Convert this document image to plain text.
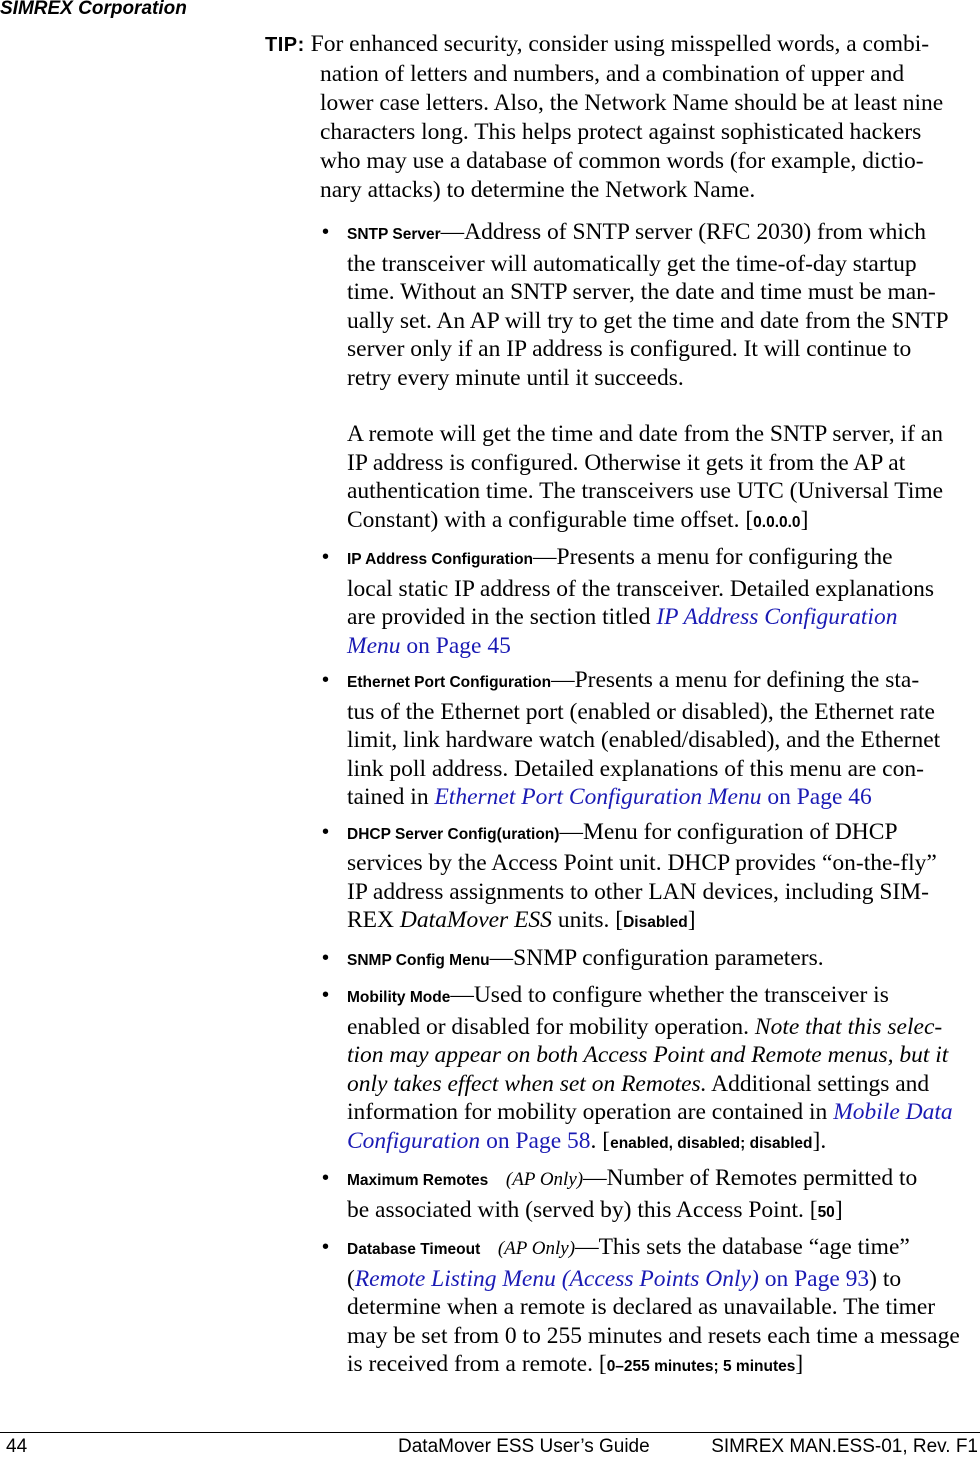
SIMREX Corporation
TIP: For enhanced security, consider using misspelled words, a combi-
nation of letters and numbers, and a combination of upper and
lower case letters. Also, the Network Name should be at least nine
characters long. This helps protect against sophisticated hackers
who may use a database of common words (for example, dictio-
nary attacks) to determine the Network Name.
• SNTP Server—Address of SNTP server (RFC 2030) from which
the transceiver will automatically get the time-of-day startup
time. Without an SNTP server, the date and time must be man-
ually set. An AP will try to get the time and date from the SNTP
server only if an IP address is configured. It will continue to
retry every minute until it succeeds.
A remote will get the time and date from the SNTP server, if an
IP address is configured. Otherwise it gets it from the AP at
authentication time. The transceivers use UTC (Universal Time
Constant) with a configurable time offset. [0.0.0.0]
• IP Address Configuration—Presents a menu for configuring the
local static IP address of the transceiver. Detailed explanations
are provided in the section titled IP Address Configuration
Menu on Page 45
• Ethernet Port Configuration—Presents a menu for defining the sta-
tus of the Ethernet port (enabled or disabled), the Ethernet rate
limit, link hardware watch (enabled/disabled), and the Ethernet
link poll address. Detailed explanations of this menu are con-
tained in Ethernet Port Configuration Menu on Page 46
• DHCP Server Config(uration)—Menu for configuration of DHCP
services by the Access Point unit. DHCP provides “on-the-fly”
IP address assignments to other LAN devices, including SIM-
REX DataMover ESS units. [Disabled]
• SNMP Config Menu—SNMP configuration parameters.
• Mobility Mode—Used to configure whether the transceiver is
enabled or disabled for mobility operation. Note that this selec-
tion may appear on both Access Point and Remote menus, but it
only takes effect when set on Remotes. Additional settings and
information for mobility operation are contained in Mobile Data
Configuration on Page 58. [enabled, disabled; disabled].
• Maximum Remotes (AP Only)—Number of Remotes permitted to
be associated with (served by) this Access Point. [50]
• Database Timeout (AP Only)—This sets the database “age time”
(Remote Listing Menu (Access Points Only) on Page 93) to
determine when a remote is declared as unavailable. The timer
may be set from 0 to 255 minutes and resets each time a message
is received from a remote. [0–255 minutes; 5 minutes]
44	DataMover ESS User’s Guide	SIMREX MAN.ESS-01, Rev. F1
